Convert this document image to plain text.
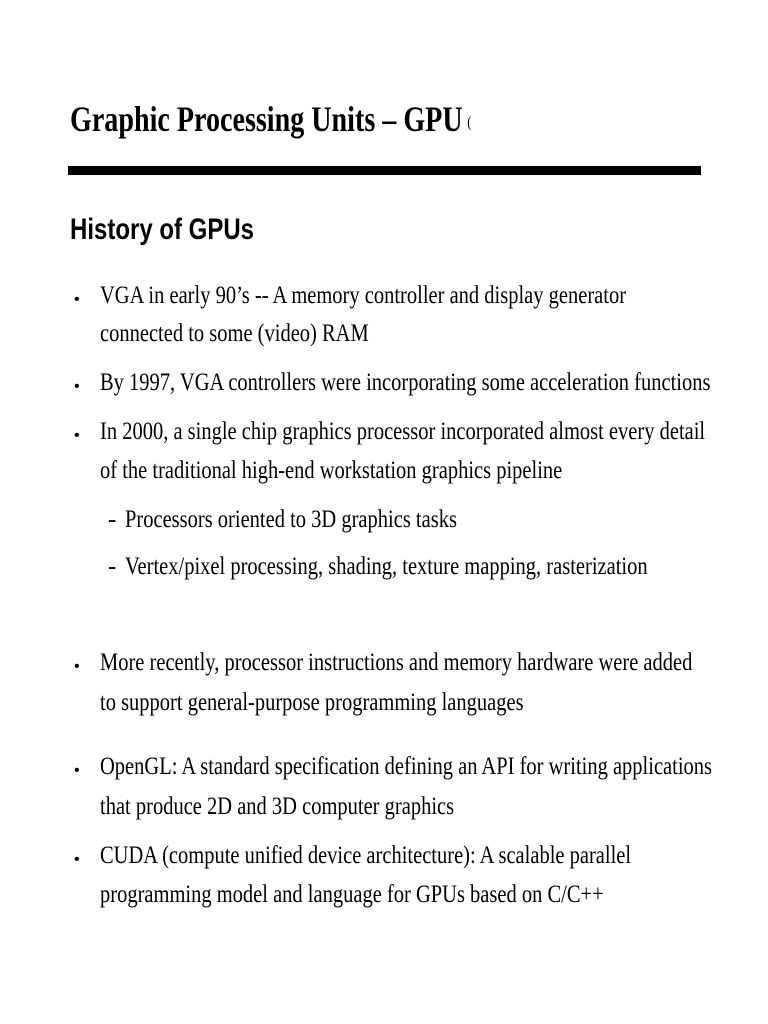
Graphic Processing Units – GPU (
History of GPUs
• VGA in early 90’s -- A memory controller and display generator
connected to some (video) RAM
• By 1997, VGA controllers were incorporating some acceleration functions
• In 2000, a single chip graphics processor incorporated almost every detail
of the traditional high-end workstation graphics pipeline
- Processors oriented to 3D graphics tasks
- Vertex/pixel processing, shading, texture mapping, rasterization
• More recently, processor instructions and memory hardware were added
to support general-purpose programming languages
• OpenGL: A standard specification defining an API for writing applications
that produce 2D and 3D computer graphics
• CUDA (compute unified device architecture): A scalable parallel
programming model and language for GPUs based on C/C++
